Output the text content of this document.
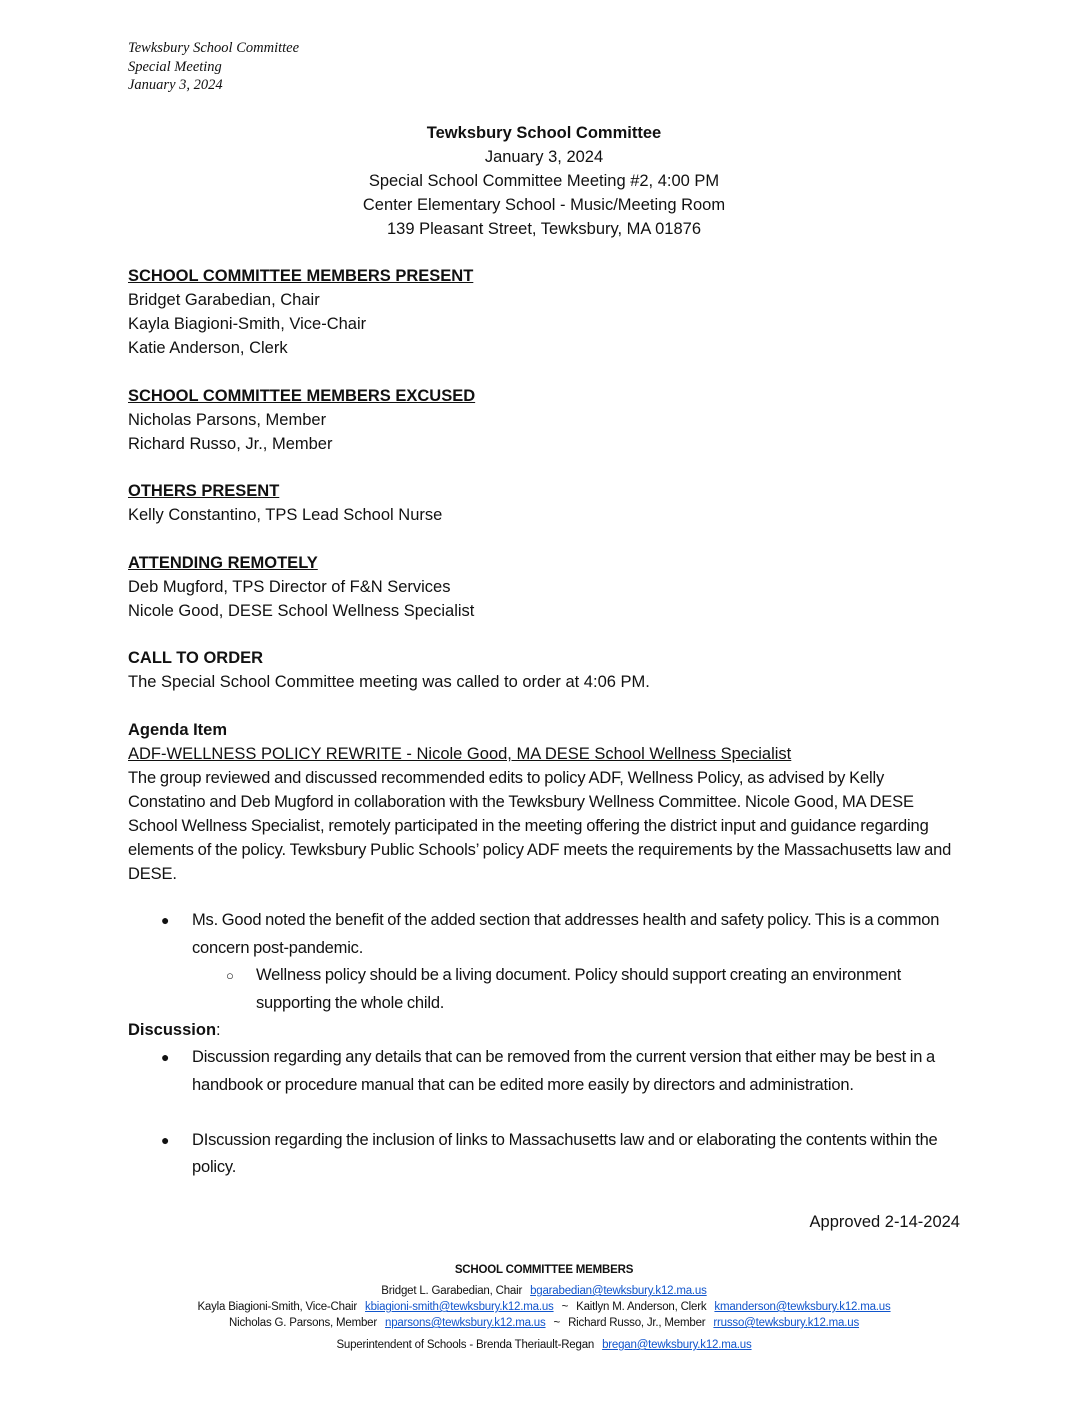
Tewksbury School Committee
Special Meeting
January 3, 2024
Tewksbury School Committee
January 3, 2024
Special School Committee Meeting #2, 4:00 PM
Center Elementary School - Music/Meeting Room
139 Pleasant Street, Tewksbury, MA 01876
SCHOOL COMMITTEE MEMBERS PRESENT
Bridget Garabedian, Chair
Kayla Biagioni-Smith, Vice-Chair
Katie Anderson, Clerk
SCHOOL COMMITTEE MEMBERS EXCUSED
Nicholas Parsons, Member
Richard Russo, Jr., Member
OTHERS PRESENT
Kelly Constantino, TPS Lead School Nurse
ATTENDING REMOTELY
Deb Mugford, TPS Director of F&N Services
Nicole Good, DESE School Wellness Specialist
CALL TO ORDER
The Special School Committee meeting was called to order at 4:06 PM.
Agenda Item
ADF-WELLNESS POLICY REWRITE - Nicole Good, MA DESE School Wellness Specialist

The group reviewed and discussed recommended edits to policy ADF, Wellness Policy, as advised by Kelly Constatino and Deb Mugford in collaboration with the Tewksbury Wellness Committee. Nicole Good, MA DESE School Wellness Specialist, remotely participated in the meeting offering the district input and guidance regarding elements of the policy. Tewksbury Public Schools’ policy ADF meets the requirements by the Massachusetts law and DESE.

● Ms. Good noted the benefit of the added section that addresses health and safety policy. This is a common concern post-pandemic.
○ Wellness policy should be a living document. Policy should support creating an environment supporting the whole child.
Discussion:
● Discussion regarding any details that can be removed from the current version that either may be best in a handbook or procedure manual that can be edited more easily by directors and administration.
● DIscussion regarding the inclusion of links to Massachusetts law and or elaborating the contents within the policy.
Approved 2-14-2024
SCHOOL COMMITTEE MEMBERS
Bridget L. Garabedian, Chair bgarabedian@tewksbury.k12.ma.us
Kayla Biagioni-Smith, Vice-Chair kbiagioni-smith@tewksbury.k12.ma.us ~ Kaitlyn M. Anderson, Clerk kmanderson@tewksbury.k12.ma.us
Nicholas G. Parsons, Member nparsons@tewksbury.k12.ma.us ~ Richard Russo, Jr., Member rrusso@tewksbury.k12.ma.us
Superintendent of Schools - Brenda Theriault-Regan bregan@tewksbury.k12.ma.us
